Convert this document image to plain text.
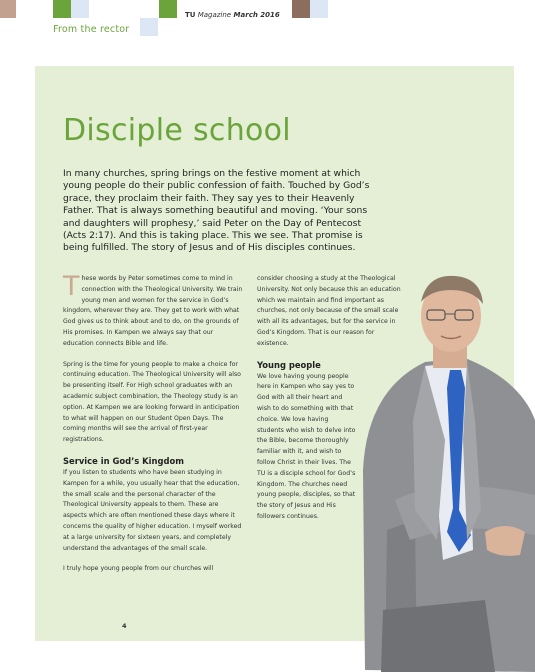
TU Magazine March 2016
From the rector
Disciple school
In many churches, spring brings on the festive moment at which young people do their public confession of faith. Touched by God’s grace, they proclaim their faith. They say yes to their Heavenly Father. That is always something beautiful and moving. ‘Your sons and daughters will prophesy,’ said Peter on the Day of Pentecost (Acts 2:17). And this is taking place. This we see. That promise is being fulfilled. The story of Jesus and of His disciples continues.

These words by Peter sometimes come to mind in connection with the Theological University. We train young men and women for the service in God’s kingdom, wherever they are. They get to work with what God gives us to think about and to do, on the grounds of His promises. In Kampen we always say that our education connects Bible and life.

Spring is the time for young people to make a choice for continuing education. The Theological University will also be presenting itself. For High school graduates with an academic subject combination, the Theology study is an option. At Kampen we are looking forward in anticipation to what will happen on our Student Open Days. The coming months will see the arrival of first-year registrations.

Service in God’s Kingdom

If you listen to students who have been studying in Kampen for a while, you usually hear that the education, the small scale and the personal character of the Theological University appeals to them. These are aspects which are often mentioned these days where it concerns the quality of higher education. I myself worked at a large university for sixteen years, and completely understand the advantages of the small scale.

I truly hope young people from our churches will

consider choosing a study at the Theological University. Not only because this an education which we maintain and find important as churches, not only because of the small scale with all its advantages, but for the service in God’s Kingdom. That is our reason for existence.

Young people

We love having young people here in Kampen who say yes to God with all their heart and wish to do something with that choice. We love having students who wish to delve into the Bible, become thoroughly familiar with it, and wish to follow Christ in their lives. The TU is a disciple school for God’s Kingdom. The churches need young people, disciples, so that the story of Jesus and His followers continues.

4
